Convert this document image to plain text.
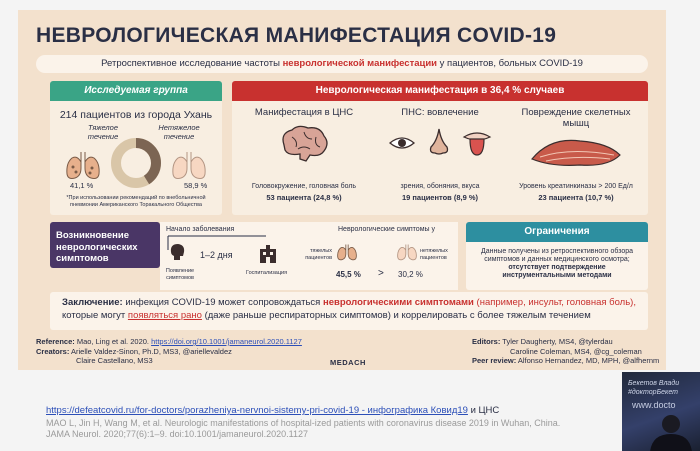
НЕВРОЛОГИЧЕСКАЯ МАНИФЕСТАЦИЯ COVID-19
Ретроспективное исследование частоты неврологической манифестации у пациентов, больных COVID-19
Исследуемая группа
214 пациентов из города Ухань
Тяжелое течение
Нетяжелое течение
41,1 %	58,9 %
*При использовании рекомендаций по внебольничной пневмонии Американского Торакального Общества
Неврологическая манифестация в 36,4 % случаев
Манифестация в ЦНС
Головокружение, головная боль
53 пациента (24,8 %)
ПНС: вовлечение
зрения, обоняния, вкуса
19 пациентов (8,9 %)
Повреждение скелетных мышц
Уровень креатинкиназы > 200 Ед/л
23 пациента (10,7 %)
Возникновение неврологических симптомов
Начало заболевания
1–2 дня
Появление симптомов
Госпитализация
Неврологические симптомы у
тяжелых пациентов
нетяжелых пациентов
45,5 % > 30,2 %
Ограничения
Данные получены из ретроспективного обзора симптомов и данных медицинского осмотра;
отсутствует подтверждение инструментальными методами
Заключение: инфекция COVID-19 может сопровождаться неврологическими симптомами (например, инсульт, головная боль),
которые могут появляться рано (даже раньше респираторных симптомов) и коррелировать с более тяжелым течением
Reference: Mao, Ling et al. 2020. https://doi.org/10.1001/jamaneurol.2020.1127
Creators: Arielle Valdez-Sinon, Ph.D, MS3, @ariellevaldez
Claire Castellano, MS3	MEDACH
Editors: Tyler Daugherty, MS4, @tylerdau
Caroline Coleman, MS4, @cg_coleman
Peer review: Alfonso Hernandez, MD, MPH, @alfhernm
https://defeatcovid.ru/for-doctors/porazheniya-nervnoi-sistemy-pri-covid-19 - инфографика Ковид19 и ЦНС
MAO L, Jin H, Wang M, et al. Neurologic manifestations of hospital-ized patients with coronavirus disease 2019 in Wuhan, China. JAMA Neurol. 2020;77(6):1–9. doi:10.1001/jamaneurol.2020.1127
Бекетов Влади
#докторБекет
www.docto
